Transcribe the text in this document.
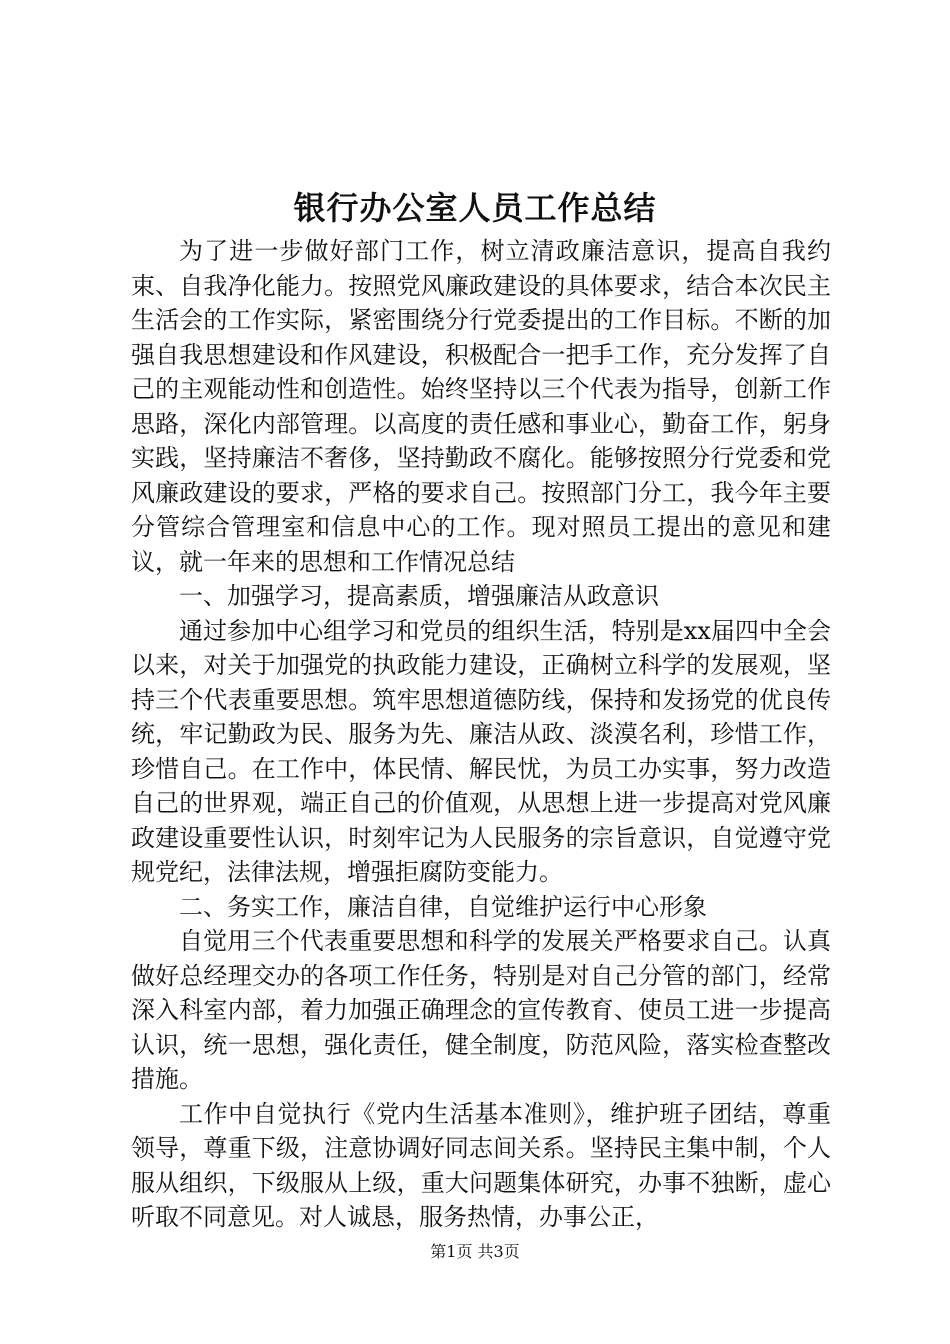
银行办公室人员工作总结

为了进一步做好部门工作，树立清政廉洁意识，提高自我约束、自我净化能力。按照党风廉政建设的具体要求，结合本次民主生活会的工作实际，紧密围绕分行党委提出的工作目标。不断的加强自我思想建设和作风建设，积极配合一把手工作，充分发挥了自己的主观能动性和创造性。始终坚持以三个代表为指导，创新工作思路，深化内部管理。以高度的责任感和事业心，勤奋工作，躬身实践，坚持廉洁不奢侈，坚持勤政不腐化。能够按照分行党委和党风廉政建设的要求，严格的要求自己。按照部门分工，我今年主要分管综合管理室和信息中心的工作。现对照员工提出的意见和建议，就一年来的思想和工作情况总结

一、加强学习，提高素质，增强廉洁从政意识

通过参加中心组学习和党员的组织生活，特别是xx届四中全会以来，对关于加强党的执政能力建设，正确树立科学的发展观，坚持三个代表重要思想。筑牢思想道德防线，保持和发扬党的优良传统，牢记勤政为民、服务为先、廉洁从政、淡漠名利，珍惜工作，珍惜自己。在工作中，体民情、解民忧，为员工办实事，努力改造自己的世界观，端正自己的价值观，从思想上进一步提高对党风廉政建设重要性认识，时刻牢记为人民服务的宗旨意识，自觉遵守党规党纪，法律法规，增强拒腐防变能力。

二、务实工作，廉洁自律，自觉维护运行中心形象

自觉用三个代表重要思想和科学的发展关严格要求自己。认真做好总经理交办的各项工作任务，特别是对自己分管的部门，经常深入科室内部，着力加强正确理念的宣传教育、使员工进一步提高认识，统一思想，强化责任，健全制度，防范风险，落实检查整改措施。

工作中自觉执行《党内生活基本准则》，维护班子团结，尊重领导，尊重下级，注意协调好同志间关系。坚持民主集中制，个人服从组织，下级服从上级，重大问题集体研究，办事不独断，虚心听取不同意见。对人诚恳，服务热情，办事公正，

第1页 共3页
